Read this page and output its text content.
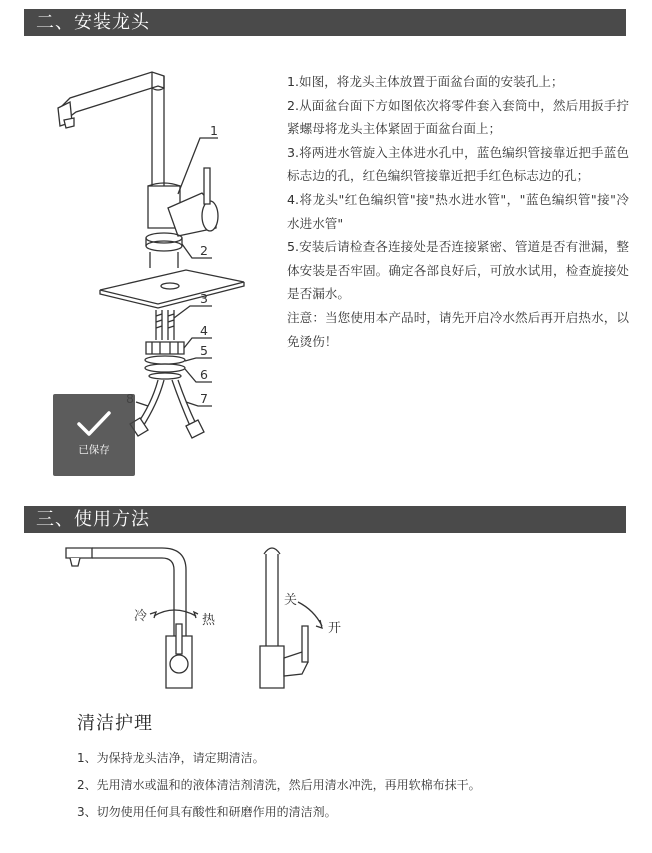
二、安装龙头
1
2
3
4
5
6
7
已保存

1.如图，将龙头主体放置于面盆台面的安装孔上；

2.从面盆台面下方如图依次将零件套入套筒中，然后用扳手拧紧螺母将龙头主体紧固于面盆台面上；

3.将两进水管旋入主体进水孔中，蓝色编织管接靠近把手蓝色标志边的孔，红色编织管接靠近把手红色标志边的孔；

4.将龙头"红色编织管"接"热水进水管"，"蓝色编织管"接"冷水进水管"

5.安装后请检查各连接处是否连接紧密、管道是否有泄漏，整体安装是否牢固。确定各部良好后，可放水试用，检查旋接处是否漏水。

注意：当您使用本产品时，请先开启冷水然后再开启热水，以免烫伤！

三、使用方法
冷	热
关
开
清洁护理
1、为保持龙头洁净，请定期清洁。
2、先用清水或温和的液体清洁剂清洗，然后用清水冲洗，再用软棉布抹干。
3、切勿使用任何具有酸性和研磨作用的清洁剂。
